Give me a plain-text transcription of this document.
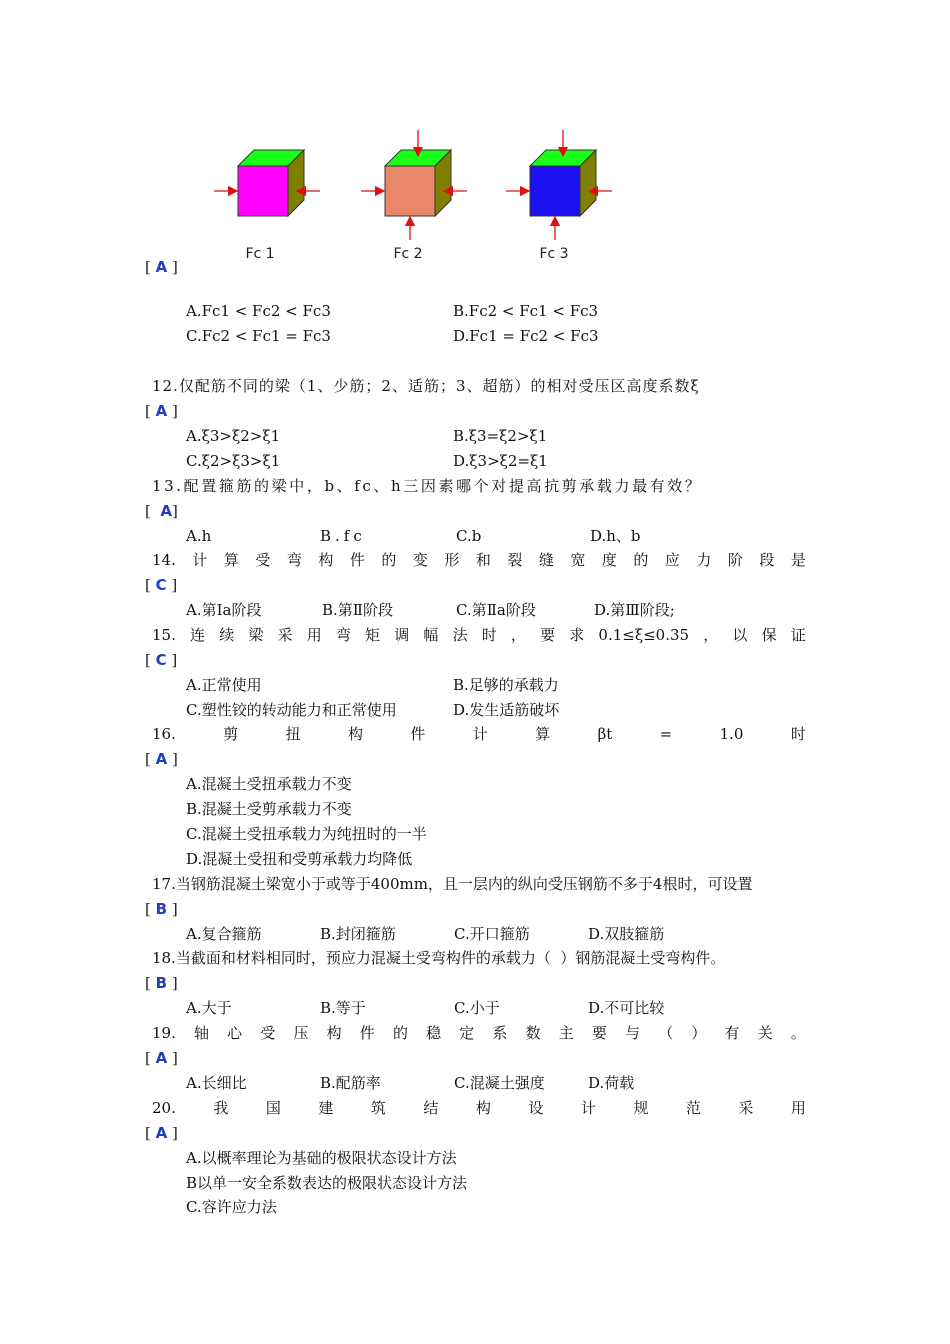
Fc 1	Fc 2	Fc 3
[ A ]
A.Fc1 < Fc2 < Fc3	B.Fc2 < Fc1 < Fc3
C.Fc2 < Fc1 = Fc3	D.Fc1 = Fc2 < Fc3
12.仅配筋不同的梁（1、少筋；2、适筋；3、超筋）的相对受压区高度系数ξ
[ A ]
A.ξ3>ξ2>ξ1	B.ξ3=ξ2>ξ1
C.ξ2>ξ3>ξ1	D.ξ3>ξ2=ξ1
13.配置箍筋的梁中，b、fc、h三因素哪个对提高抗剪承载力最有效？
[  A]
A.h	B.fc	C.b	D.h、b
14. 计 算 受 弯 构 件 的 变 形 和 裂 缝 宽 度 的 应 力 阶 段 是
[ C ]
A.第Ⅰa阶段	B.第Ⅱ阶段	C.第Ⅱa阶段	D.第Ⅲ阶段;
15. 连 续 梁 采 用 弯 矩 调 幅 法 时 ， 要 求 0.1≤ξ≤0.35 ， 以 保 证
[ C ]
A.正常使用	B.足够的承载力
C.塑性铰的转动能力和正常使用	D.发生适筋破坏
16.	剪	扭	构	件	计	算	βt	=	1.0	时
[ A ]
A.混凝土受扭承载力不变
B.混凝土受剪承载力不变
C.混凝土受扭承载力为纯扭时的一半
D.混凝土受扭和受剪承载力均降低
17.当钢筋混凝土梁宽小于或等于400mm，且一层内的纵向受压钢筋不多于4根时，可设置
[ B ]
A.复合箍筋	B.封闭箍筋	C.开口箍筋	D.双肢箍筋
18.当截面和材料相同时，预应力混凝土受弯构件的承载力（  ）钢筋混凝土受弯构件。
[ B ]
A.大于	B.等于	C.小于	D.不可比较
19. 轴 心 受 压 构 件 的 稳 定 系 数 主 要 与 （ ） 有 关 。
[ A ]
A.长细比	B.配筋率	C.混凝土强度	D.荷载
20. 我 国 建 筑 结 构 设 计 规 范 采 用
[ A ]
A.以概率理论为基础的极限状态设计方法
B以单一安全系数表达的极限状态设计方法
C.容许应力法
